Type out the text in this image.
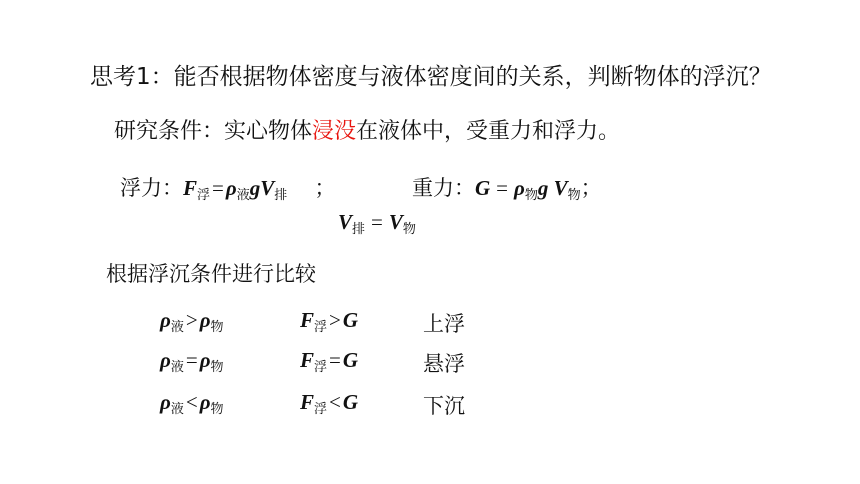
思考1：能否根据物体密度与液体密度间的关系，判断物体的浮沉？
研究条件：实心物体浸没在液体中，受重力和浮力。
浮力：$F_浮=\rho_液gV_排$ ；	重力：$G = \rho_物g$ $V_物$；
$V_排 = V_物$
根据浮沉条件进行比较
$\rho_液>\rho_物$	$F_浮>G$	上浮
$\rho_液=\rho_物$	$F_浮=G$	悬浮
$\rho_液<\rho_物$	$F_浮<G$	下沉
